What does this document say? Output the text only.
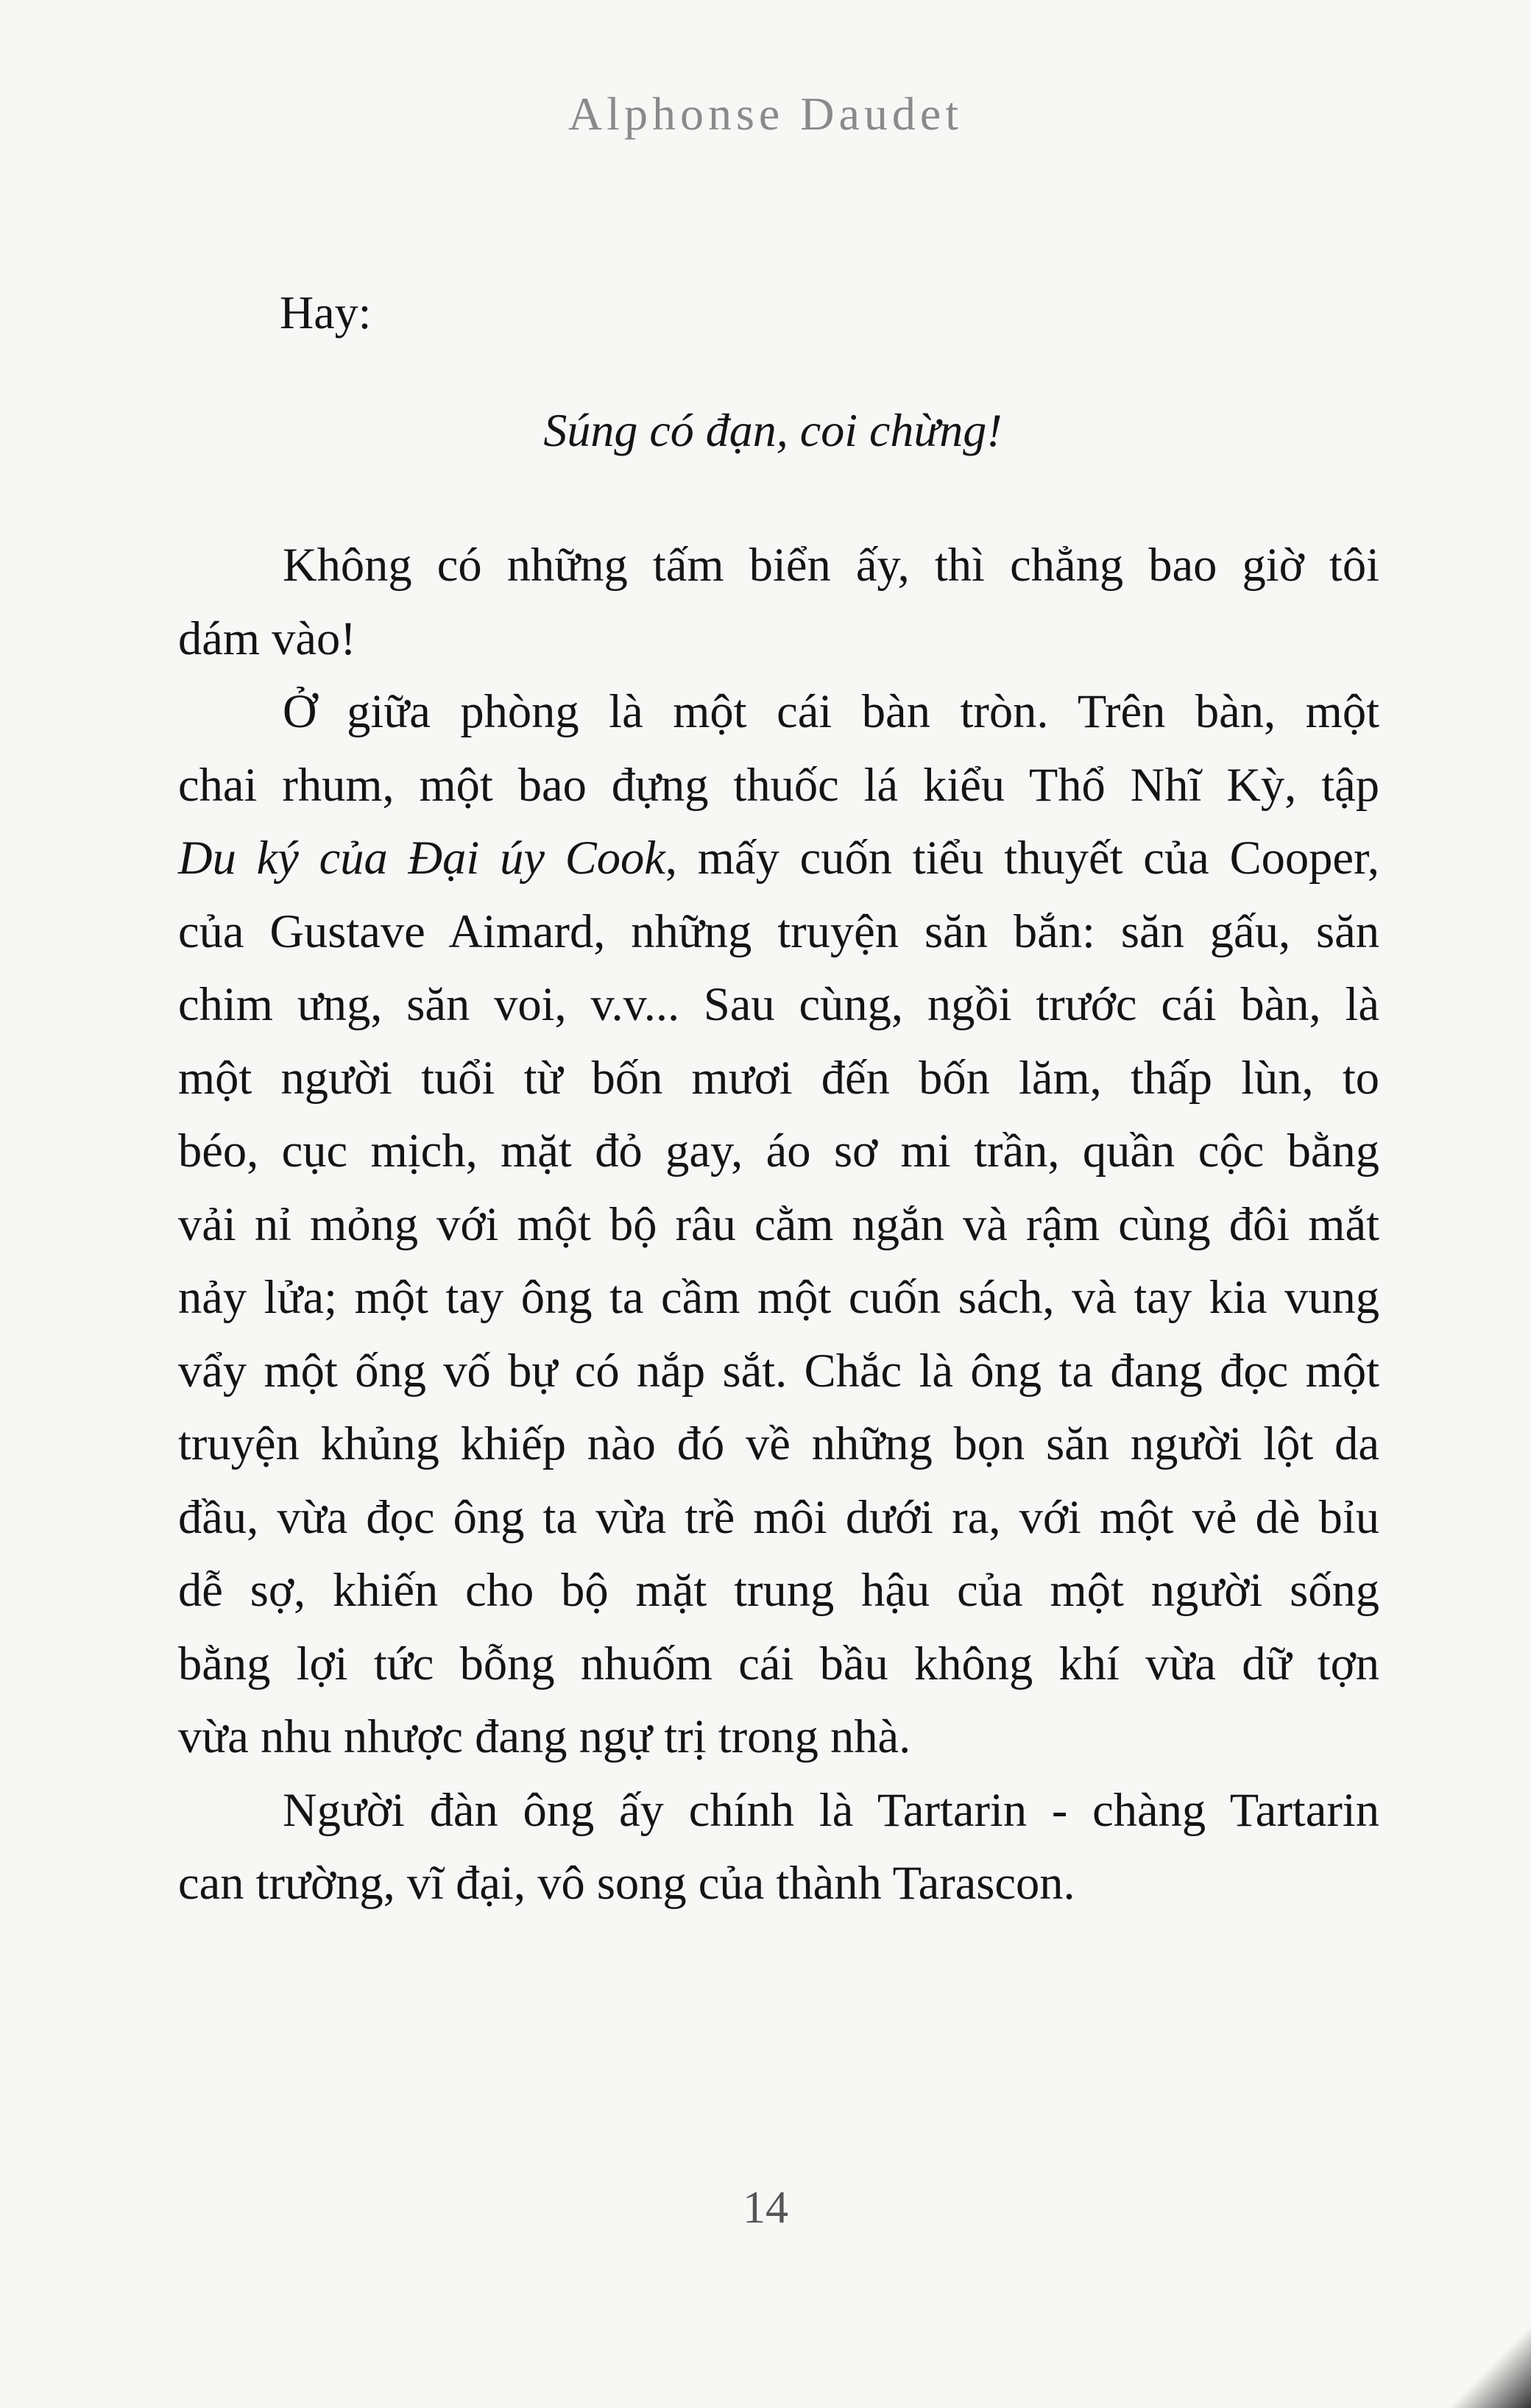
Alphonse Daudet
Hay:
Súng có đạn, coi chừng!

Không có những tấm biển ấy, thì chẳng bao giờ tôi
dám vào!

Ở giữa phòng là một cái bàn tròn. Trên bàn, một
chai rhum, một bao đựng thuốc lá kiểu Thổ Nhĩ Kỳ, tập
Du ký của Đại úy Cook, mấy cuốn tiểu thuyết của Cooper,
của Gustave Aimard, những truyện săn bắn: săn gấu, săn
chim ưng, săn voi, v.v... Sau cùng, ngồi trước cái bàn, là
một người tuổi từ bốn mươi đến bốn lăm, thấp lùn, to
béo, cục mịch, mặt đỏ gay, áo sơ mi trần, quần cộc bằng
vải nỉ mỏng với một bộ râu cằm ngắn và rậm cùng đôi mắt
nảy lửa; một tay ông ta cầm một cuốn sách, và tay kia vung
vẩy một ống vố bự có nắp sắt. Chắc là ông ta đang đọc một
truyện khủng khiếp nào đó về những bọn săn người lột da
đầu, vừa đọc ông ta vừa trề môi dưới ra, với một vẻ dè bỉu
dễ sợ, khiến cho bộ mặt trung hậu của một người sống
bằng lợi tức bỗng nhuốm cái bầu không khí vừa dữ tợn
vừa nhu nhược đang ngự trị trong nhà.

Người đàn ông ấy chính là Tartarin - chàng Tartarin
can trường, vĩ đại, vô song của thành Tarascon.

14
